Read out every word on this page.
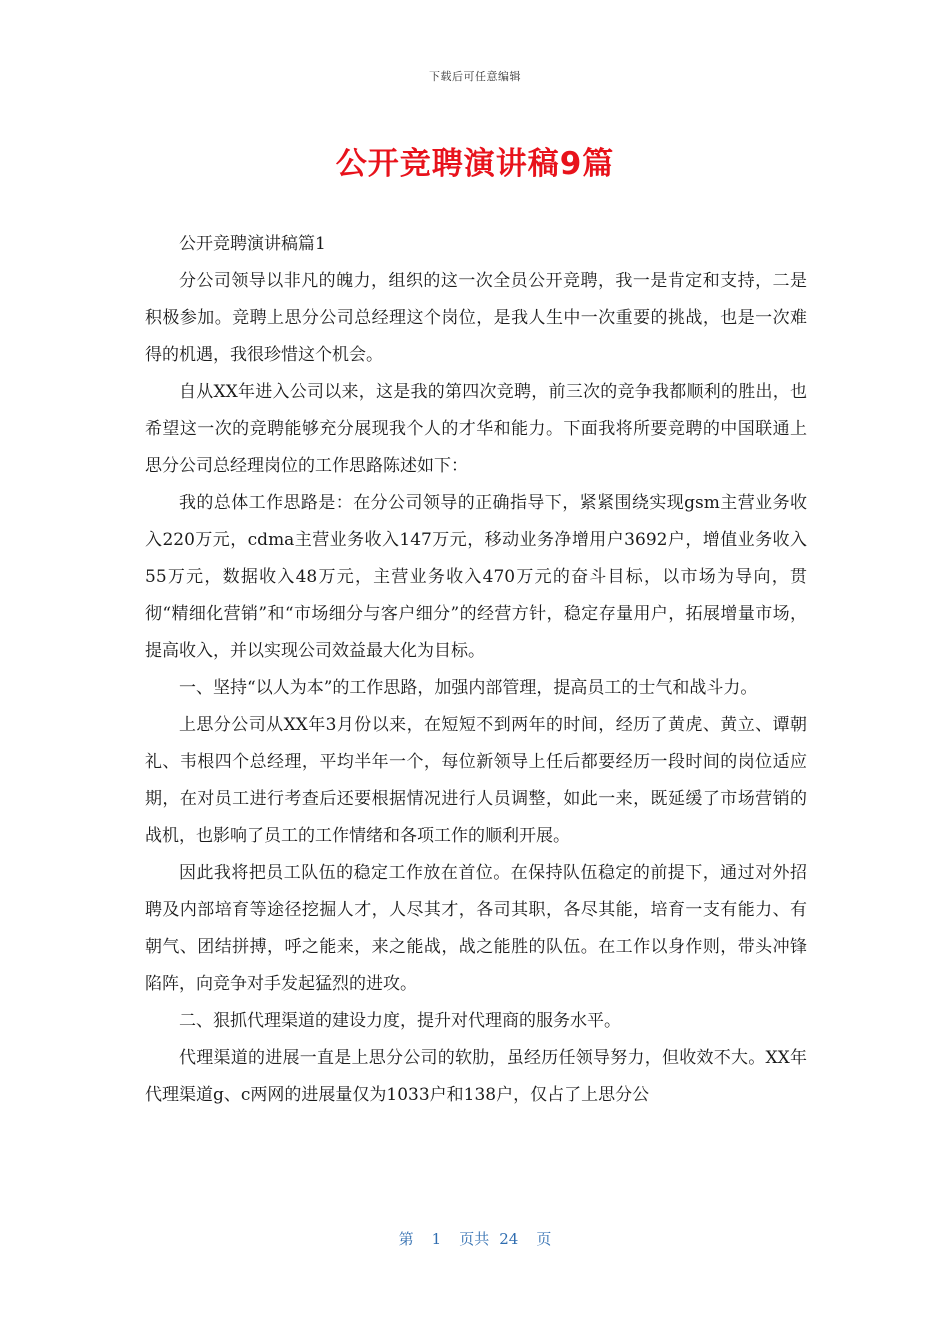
下载后可任意编辑
公开竞聘演讲稿9篇

公开竞聘演讲稿篇1

分公司领导以非凡的魄力，组织的这一次全员公开竞聘，我一是肯定和支持，二是积极参加。竞聘上思分公司总经理这个岗位，是我人生中一次重要的挑战，也是一次难得的机遇，我很珍惜这个机会。

自从XX年进入公司以来，这是我的第四次竞聘，前三次的竞争我都顺利的胜出，也希望这一次的竞聘能够充分展现我个人的才华和能力。下面我将所要竞聘的中国联通上思分公司总经理岗位的工作思路陈述如下：

我的总体工作思路是：在分公司领导的正确指导下，紧紧围绕实现gsm主营业务收入220万元，cdma主营业务收入147万元，移动业务净增用户3692户，增值业务收入55万元，数据收入48万元，主营业务收入470万元的奋斗目标，以市场为导向，贯彻“精细化营销”和“市场细分与客户细分”的经营方针，稳定存量用户，拓展增量市场，提高收入，并以实现公司效益最大化为目标。

一、坚持“以人为本”的工作思路，加强内部管理，提高员工的士气和战斗力。

上思分公司从XX年3月份以来，在短短不到两年的时间，经历了黄虎、黄立、谭朝礼、韦根四个总经理，平均半年一个，每位新领导上任后都要经历一段时间的岗位适应期，在对员工进行考查后还要根据情况进行人员调整，如此一来，既延缓了市场营销的战机，也影响了员工的工作情绪和各项工作的顺利开展。

因此我将把员工队伍的稳定工作放在首位。在保持队伍稳定的前提下，通过对外招聘及内部培育等途径挖掘人才，人尽其才，各司其职，各尽其能，培育一支有能力、有朝气、团结拼搏，呼之能来，来之能战，战之能胜的队伍。在工作以身作则，带头冲锋陷阵，向竞争对手发起猛烈的进攻。

二、狠抓代理渠道的建设力度，提升对代理商的服务水平。

代理渠道的进展一直是上思分公司的软肋，虽经历任领导努力，但收效不大。XX年代理渠道g、c两网的进展量仅为1033户和138户，仅占了上思分公

第 1 页共 24 页
